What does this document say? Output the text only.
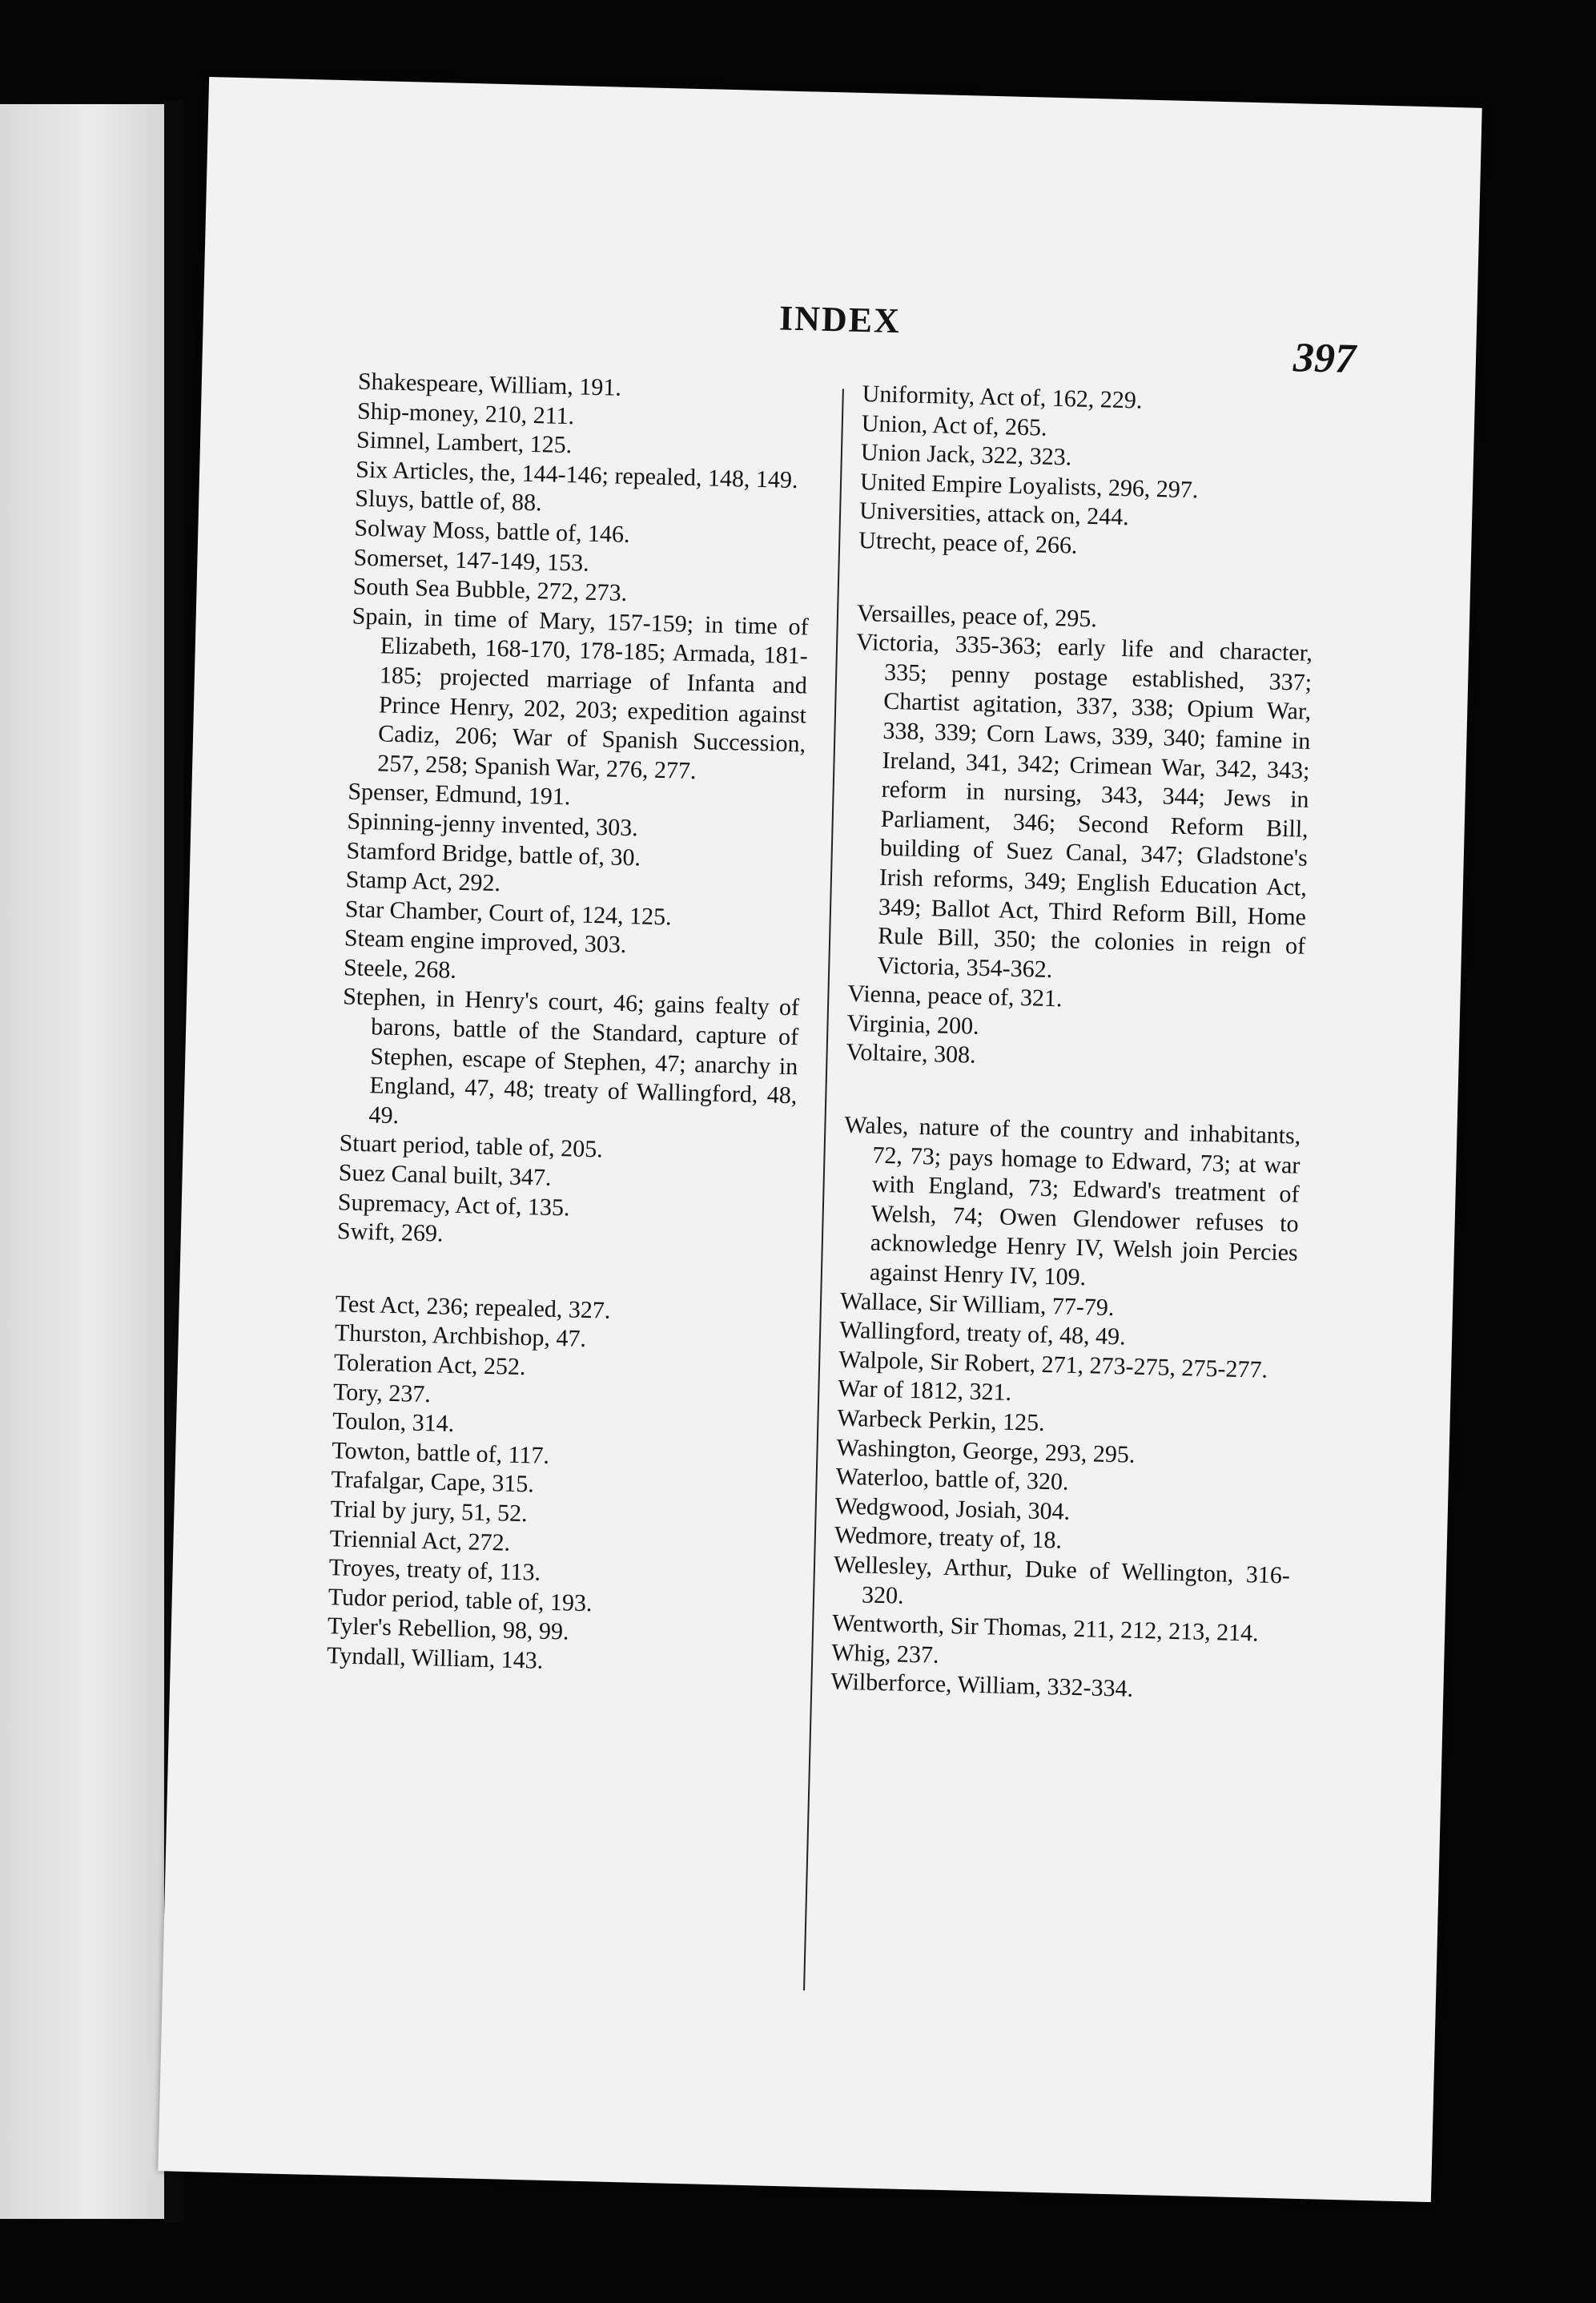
INDEX
397

Shakespeare, William, 191.

Ship-money, 210, 211.

Simnel, Lambert, 125.

Six Articles, the, 144-146; repealed, 148, 149.

Sluys, battle of, 88.

Solway Moss, battle of, 146.

Somerset, 147-149, 153.

South Sea Bubble, 272, 273.

Spain, in time of Mary, 157-159; in time of Elizabeth, 168-170, 178-185; Armada, 181-185; projected marriage of Infanta and Prince Henry, 202, 203; expedition against Cadiz, 206; War of Spanish Succession, 257, 258; Spanish War, 276, 277.

Spenser, Edmund, 191.

Spinning-jenny invented, 303.

Stamford Bridge, battle of, 30.

Stamp Act, 292.

Star Chamber, Court of, 124, 125.

Steam engine improved, 303.

Steele, 268.

Stephen, in Henry's court, 46; gains fealty of barons, battle of the Standard, capture of Stephen, escape of Stephen, 47; anarchy in England, 47, 48; treaty of Wallingford, 48, 49.

Stuart period, table of, 205.

Suez Canal built, 347.

Supremacy, Act of, 135.

Swift, 269.

Test Act, 236; repealed, 327.

Thurston, Archbishop, 47.

Toleration Act, 252.

Tory, 237.

Toulon, 314.

Towton, battle of, 117.

Trafalgar, Cape, 315.

Trial by jury, 51, 52.

Triennial Act, 272.

Troyes, treaty of, 113.

Tudor period, table of, 193.

Tyler's Rebellion, 98, 99.

Tyndall, William, 143.

Uniformity, Act of, 162, 229.

Union, Act of, 265.

Union Jack, 322, 323.

United Empire Loyalists, 296, 297.

Universities, attack on, 244.

Utrecht, peace of, 266.

Versailles, peace of, 295.

Victoria, 335-363; early life and character, 335; penny postage established, 337; Chartist agitation, 337, 338; Opium War, 338, 339; Corn Laws, 339, 340; famine in Ireland, 341, 342; Crimean War, 342, 343; reform in nursing, 343, 344; Jews in Parliament, 346; Second Reform Bill, building of Suez Canal, 347; Gladstone's Irish reforms, 349; English Education Act, 349; Ballot Act, Third Reform Bill, Home Rule Bill, 350; the colonies in reign of Victoria, 354-362.

Vienna, peace of, 321.

Virginia, 200.

Voltaire, 308.

Wales, nature of the country and inhabitants, 72, 73; pays homage to Edward, 73; at war with England, 73; Edward's treatment of Welsh, 74; Owen Glendower refuses to acknowledge Henry IV, Welsh join Percies against Henry IV, 109.

Wallace, Sir William, 77-79.

Wallingford, treaty of, 48, 49.

Walpole, Sir Robert, 271, 273-275, 275-277.

War of 1812, 321.

Warbeck Perkin, 125.

Washington, George, 293, 295.

Waterloo, battle of, 320.

Wedgwood, Josiah, 304.

Wedmore, treaty of, 18.

Wellesley, Arthur, Duke of Wellington, 316-320.

Wentworth, Sir Thomas, 211, 212, 213, 214.

Whig, 237.

Wilberforce, William, 332-334.
